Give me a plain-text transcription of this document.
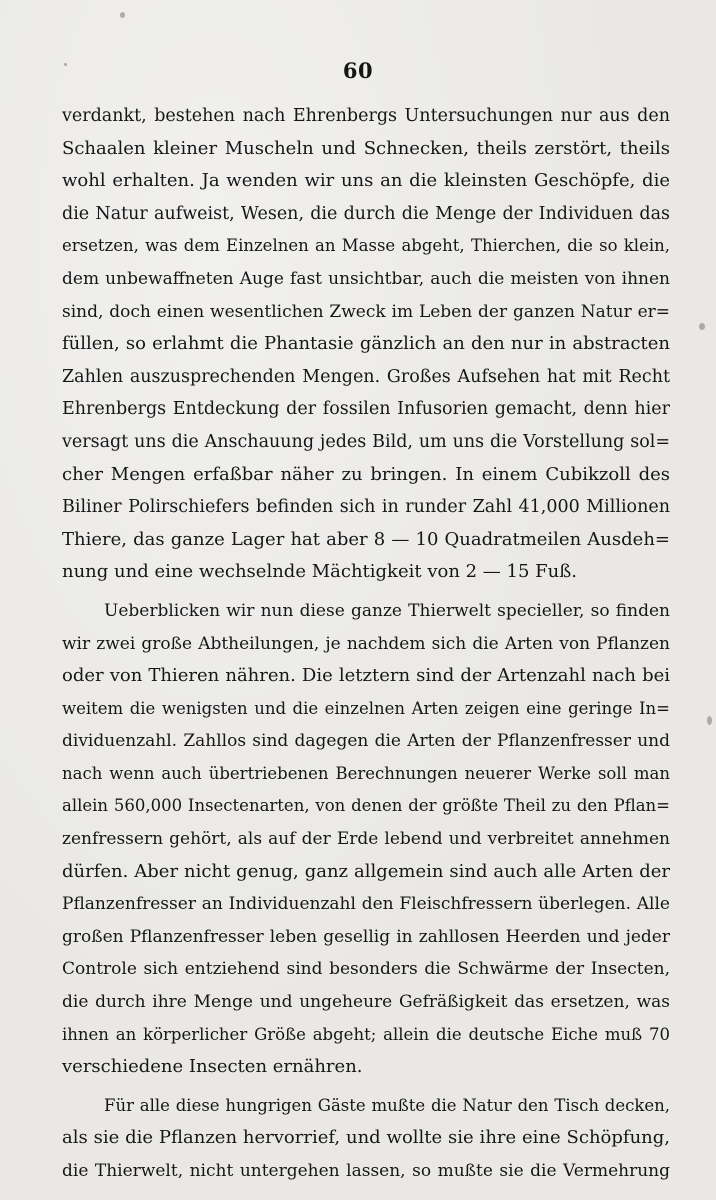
60
verdankt, bestehen nach Ehrenbergs Untersuchungen nur aus den
Schaalen kleiner Muscheln und Schnecken, theils zerstört, theils
wohl erhalten. Ja wenden wir uns an die kleinsten Geschöpfe, die
die Natur aufweist, Wesen, die durch die Menge der Individuen das
ersetzen, was dem Einzelnen an Masse abgeht, Thierchen, die so klein,
dem unbewaffneten Auge fast unsichtbar, auch die meisten von ihnen
sind, doch einen wesentlichen Zweck im Leben der ganzen Natur er=
füllen, so erlahmt die Phantasie gänzlich an den nur in abstracten
Zahlen auszusprechenden Mengen. Großes Aufsehen hat mit Recht
Ehrenbergs Entdeckung der fossilen Infusorien gemacht, denn hier
versagt uns die Anschauung jedes Bild, um uns die Vorstellung sol=
cher Mengen erfaßbar näher zu bringen. In einem Cubikzoll des
Biliner Polirschiefers befinden sich in runder Zahl 41,000 Millionen
Thiere, das ganze Lager hat aber 8 — 10 Quadratmeilen Ausdeh=
nung und eine wechselnde Mächtigkeit von 2 — 15 Fuß.
Ueberblicken wir nun diese ganze Thierwelt specieller, so finden
wir zwei große Abtheilungen, je nachdem sich die Arten von Pflanzen
oder von Thieren nähren. Die letztern sind der Artenzahl nach bei
weitem die wenigsten und die einzelnen Arten zeigen eine geringe In=
dividuenzahl. Zahllos sind dagegen die Arten der Pflanzenfresser und
nach wenn auch übertriebenen Berechnungen neuerer Werke soll man
allein 560,000 Insectenarten, von denen der größte Theil zu den Pflan=
zenfressern gehört, als auf der Erde lebend und verbreitet annehmen
dürfen. Aber nicht genug, ganz allgemein sind auch alle Arten der
Pflanzenfresser an Individuenzahl den Fleischfressern überlegen. Alle
großen Pflanzenfresser leben gesellig in zahllosen Heerden und jeder
Controle sich entziehend sind besonders die Schwärme der Insecten,
die durch ihre Menge und ungeheure Gefräßigkeit das ersetzen, was
ihnen an körperlicher Größe abgeht; allein die deutsche Eiche muß 70
verschiedene Insecten ernähren.
Für alle diese hungrigen Gäste mußte die Natur den Tisch decken,
als sie die Pflanzen hervorrief, und wollte sie ihre eine Schöpfung,
die Thierwelt, nicht untergehen lassen, so mußte sie die Vermehrung
